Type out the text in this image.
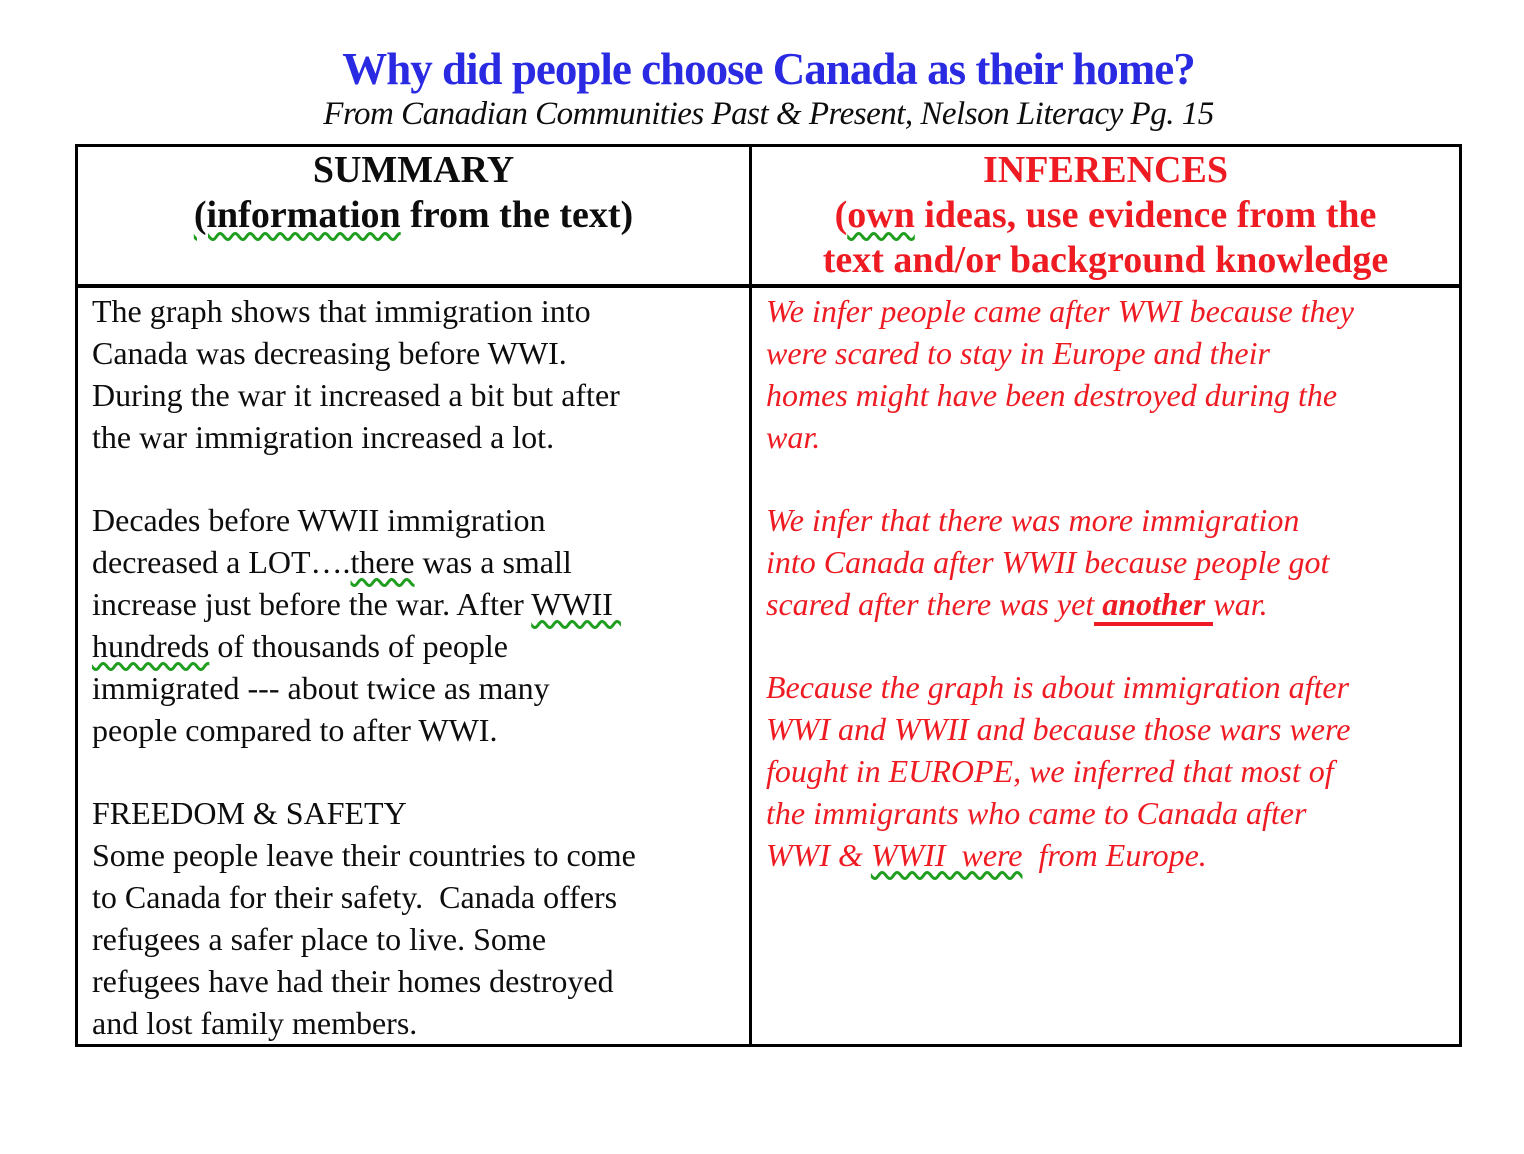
Why did people choose Canada as their home?
From Canadian Communities Past & Present, Nelson Literacy Pg. 15
SUMMARY
(information from the text)
INFERENCES
(own ideas, use evidence from the
text and/or background knowledge
The graph shows that immigration into
Canada was decreasing before WWI.
During the war it increased a bit but after
the war immigration increased a lot.
Decades before WWII immigration
decreased a LOT….there was a small
increase just before the war. After WWII
hundreds of thousands of people
immigrated --- about twice as many
people compared to after WWI.
FREEDOM & SAFETY
Some people leave their countries to come
to Canada for their safety.  Canada offers
refugees a safer place to live. Some
refugees have had their homes destroyed
and lost family members.
We infer people came after WWI because they
were scared to stay in Europe and their
homes might have been destroyed during the
war.
We infer that there was more immigration
into Canada after WWII because people got
scared after there was yet another war.
Because the graph is about immigration after
WWI and WWII and because those wars were
fought in EUROPE, we inferred that most of
the immigrants who came to Canada after
WWI & WWII  were  from Europe.
